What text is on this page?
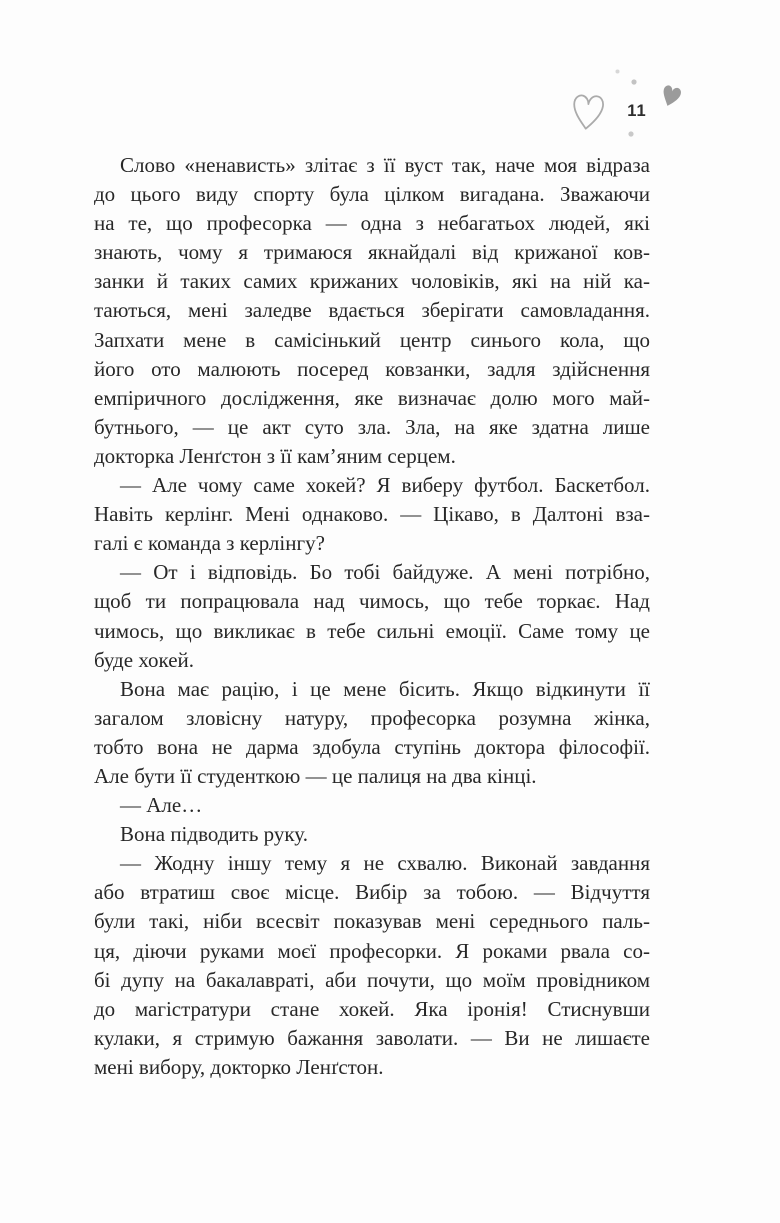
11
Слово «ненависть» злітає з її вуст так, наче моя відраза
до цього виду спорту була цілком вигадана. Зважаючи
на те, що професорка — одна з небагатьох людей, які
знають, чому я тримаюся якнайдалі від крижаної ков-
занки й таких самих крижаних чоловіків, які на ній ка-
таються, мені заледве вдається зберігати самовладання.
Запхати мене в самісінький центр синього кола, що
його ото малюють посеред ковзанки, задля здійснення
емпіричного дослідження, яке визначає долю мого май-
бутнього, — це акт суто зла. Зла, на яке здатна лише
докторка Ленґстон з її кам’яним серцем.
— Але чому саме хокей? Я виберу футбол. Баскетбол.
Навіть керлінг. Мені однаково. — Цікаво, в Далтоні вза-
галі є команда з керлінгу?
— От і відповідь. Бо тобі байдуже. А мені потрібно,
щоб ти попрацювала над чимось, що тебе торкає. Над
чимось, що викликає в тебе сильні емоції. Саме тому це
буде хокей.
Вона має рацію, і це мене бісить. Якщо відкинути її
загалом зловісну натуру, професорка розумна жінка,
тобто вона не дарма здобула ступінь доктора філософії.
Але бути її студенткою — це палиця на два кінці.
— Але…
Вона підводить руку.
— Жодну іншу тему я не схвалю. Виконай завдання
або втратиш своє місце. Вибір за тобою. — Відчуття
були такі, ніби всесвіт показував мені середнього паль-
ця, діючи руками моєї професорки. Я роками рвала со-
бі дупу на бакалавраті, аби почути, що моїм провідником
до магістратури стане хокей. Яка іронія! Стиснувши
кулаки, я стримую бажання заволати. — Ви не лишаєте
мені вибору, докторко Ленґстон.
